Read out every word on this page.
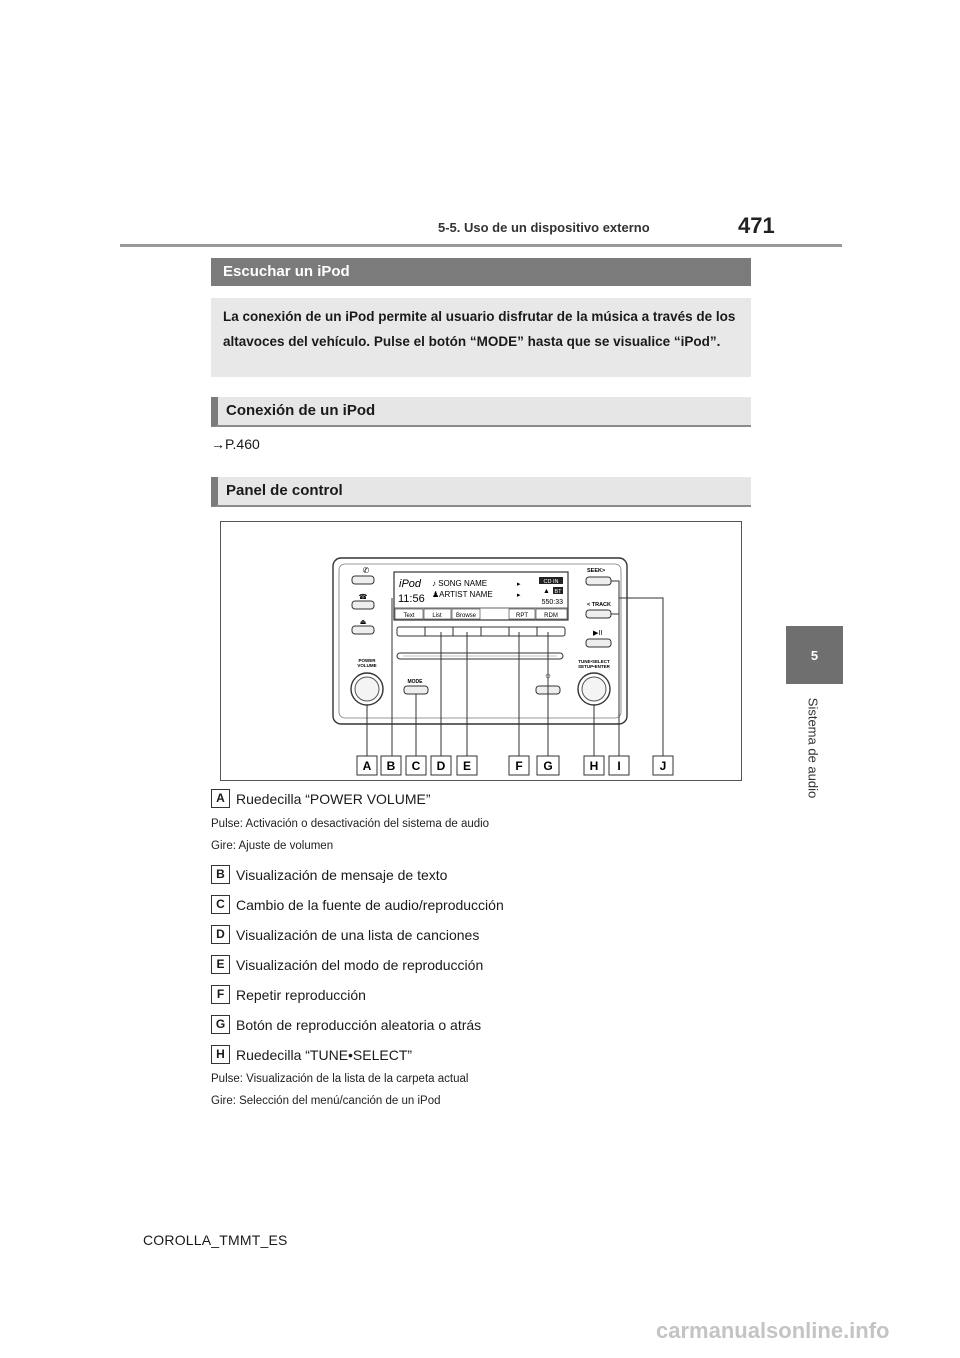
5-5. Uso de un dispositivo externo	471
5
Sistema de audio
Escuchar un iPod
La conexión de un iPod permite al usuario disfrutar de la música a través de los altavoces del vehículo. Pulse el botón “MODE” hasta que se visualice “iPod”.
Conexión de un iPod
→P.460
Panel de control
✆
☎
⏏
POWER
VOLUME
iPod
11:56
♪ SONG NAME
♟ARTIST NAME
▸
▸
CD IN
▲ BT
550:33
Text	List Browse	RPT	RDM
MODE
☼
SEEK>
< TRACK
▶II
TUNE•SELECT
SETUP•ENTER
A B C D E	F G	H I	J
A Ruedecilla “POWER VOLUME”
Pulse: Activación o desactivación del sistema de audio
Gire: Ajuste de volumen
B Visualización de mensaje de texto
C Cambio de la fuente de audio/reproducción
D Visualización de una lista de canciones
E Visualización del modo de reproducción
F Repetir reproducción
G Botón de reproducción aleatoria o atrás
H Ruedecilla “TUNE•SELECT”
Pulse: Visualización de la lista de la carpeta actual
Gire: Selección del menú/canción de un iPod
COROLLA_TMMT_ES
carmanualsonline.info
